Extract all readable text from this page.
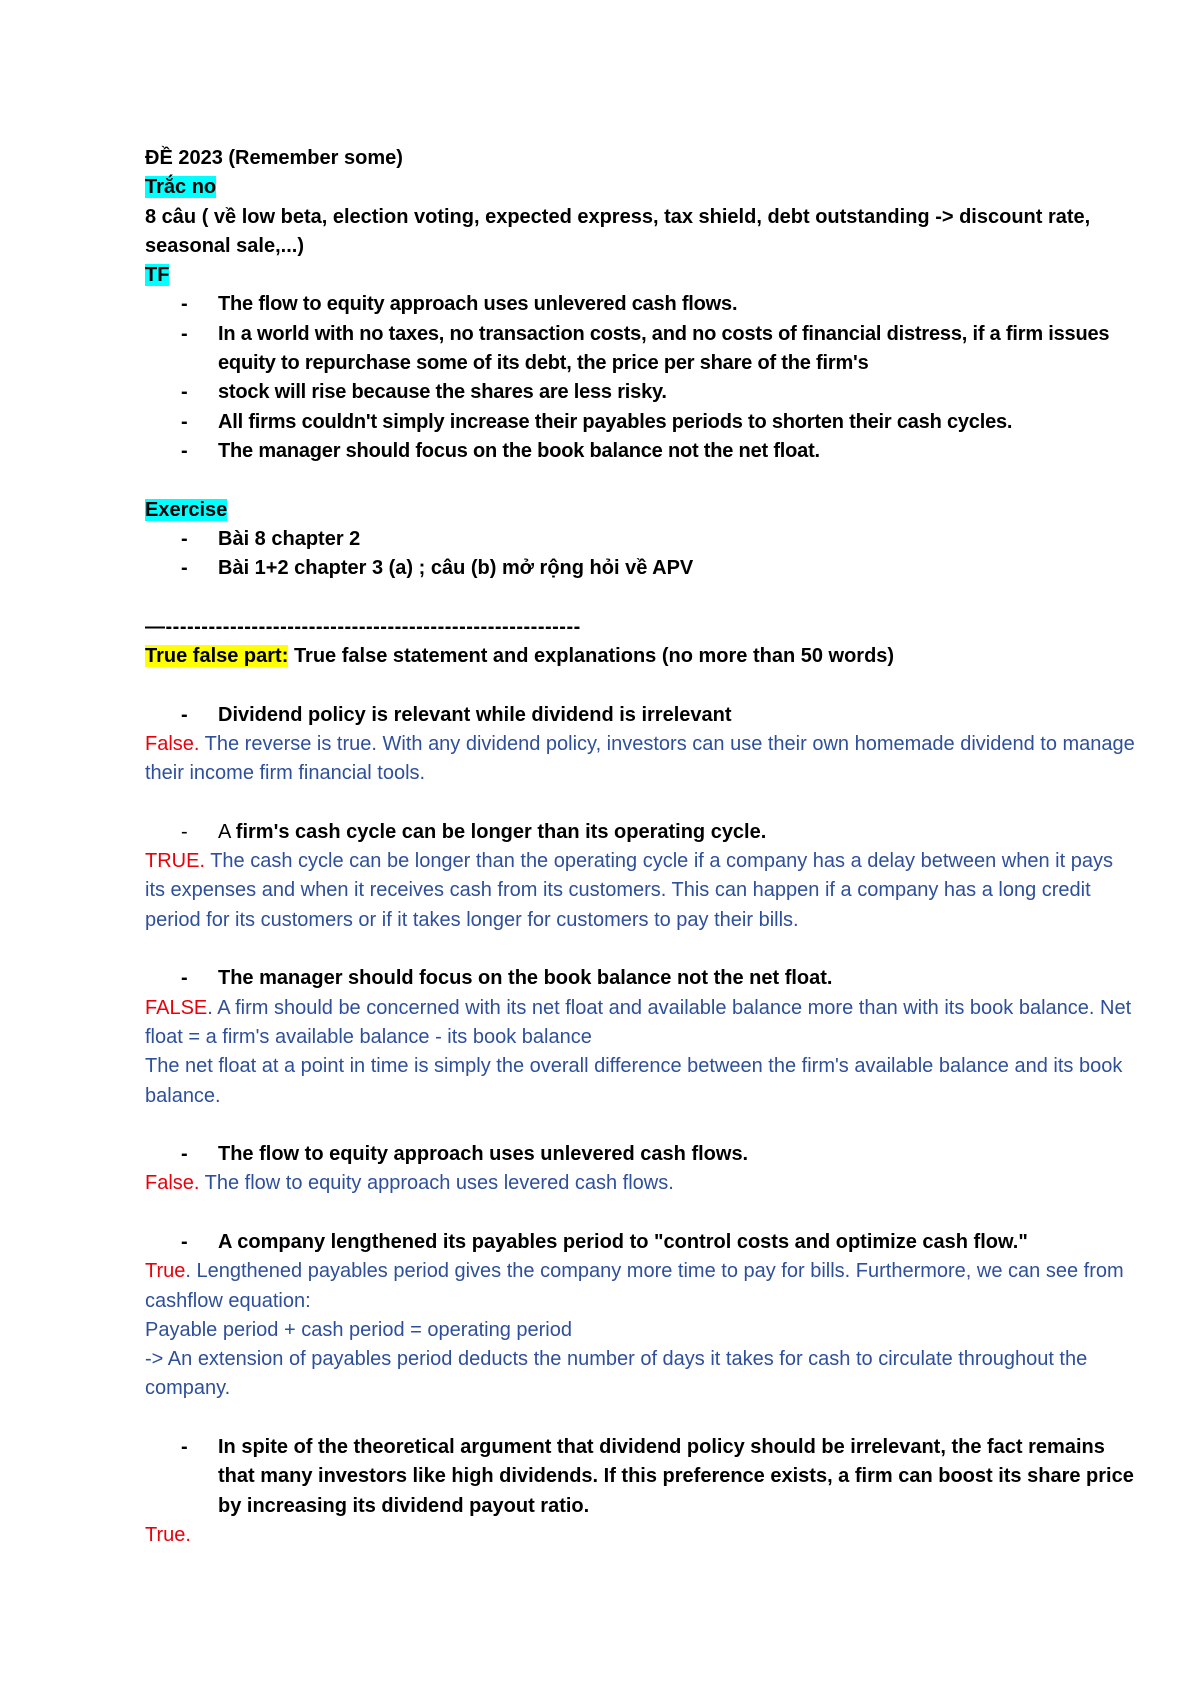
ĐỀ 2023 (Remember some)

Trắc no

8 câu ( về low beta, election voting, expected express, tax shield, debt outstanding -> discount rate, seasonal sale,...)

TF

- The flow to equity approach uses unlevered cash flows.
- In a world with no taxes, no transaction costs, and no costs of financial distress, if a firm issues equity to repurchase some of its debt, the price per share of the firm's
- stock will rise because the shares are less risky.
- All firms couldn't simply increase their payables periods to shorten their cash cycles.
- The manager should focus on the book balance not the net float.

Exercise

- Bài 8 chapter 2
- Bài 1+2 chapter 3 (a) ; câu (b) mở rộng hỏi về APV

—----------------------------------------------------------

True false part: True false statement and explanations (no more than 50 words)

- Dividend policy is relevant while dividend is irrelevant

False. The reverse is true. With any dividend policy, investors can use their own homemade dividend to manage their income firm financial tools.

- A firm's cash cycle can be longer than its operating cycle.

TRUE. The cash cycle can be longer than the operating cycle if a company has a delay between when it pays its expenses and when it receives cash from its customers. This can happen if a company has a long credit period for its customers or if it takes longer for customers to pay their bills.

- The manager should focus on the book balance not the net float.

FALSE. A firm should be concerned with its net float and available balance more than with its book balance. Net float = a firm's available balance - its book balance

The net float at a point in time is simply the overall difference between the firm's available balance and its book balance.

- The flow to equity approach uses unlevered cash flows.

False. The flow to equity approach uses levered cash flows.

- A company lengthened its payables period to "control costs and optimize cash flow."

True. Lengthened payables period gives the company more time to pay for bills. Furthermore, we can see from cashflow equation:

Payable period + cash period = operating period

-> An extension of payables period deducts the number of days it takes for cash to circulate throughout the company.

- In spite of the theoretical argument that dividend policy should be irrelevant, the fact remains that many investors like high dividends. If this preference exists, a firm can boost its share price by increasing its dividend payout ratio.

True.
